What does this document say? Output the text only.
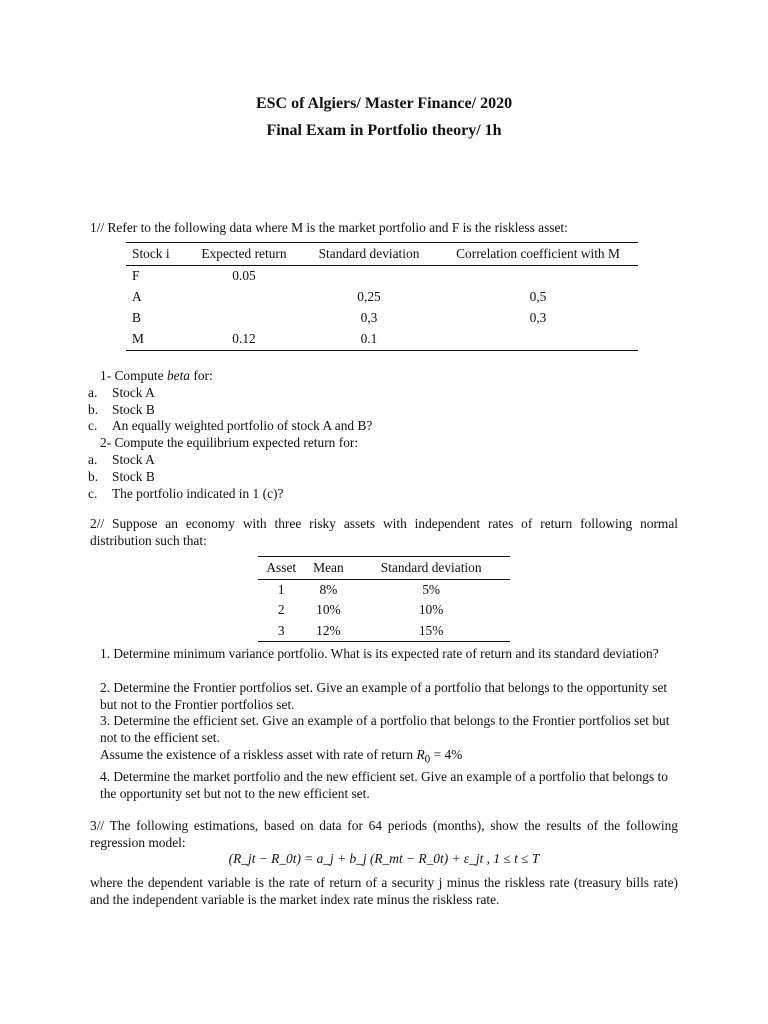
ESC of Algiers/ Master Finance/ 2020
Final Exam in Portfolio theory/ 1h
1// Refer to the following data where M is the market portfolio and F is the riskless asset:
Stock i	Expected return	Standard deviation	Correlation coefficient with M
F	0.05		
A		0,25	0,5
B		0,3	0,3
M	0.12	0.1	
1- Compute beta for:
a. Stock A
b. Stock B
c. An equally weighted portfolio of stock A and B?
2- Compute the equilibrium expected return for:
a. Stock A
b. Stock B
c. The portfolio indicated in 1 (c)?
2// Suppose an economy with three risky assets with independent rates of return following normal distribution such that:
Asset	Mean	Standard deviation
1	8%	5%
2	10%	10%
3	12%	15%
1. Determine minimum variance portfolio. What is its expected rate of return and its standard deviation?
2. Determine the Frontier portfolios set. Give an example of a portfolio that belongs to the opportunity set but not to the Frontier portfolios set.
3. Determine the efficient set. Give an example of a portfolio that belongs to the Frontier portfolios set but not to the efficient set.
Assume the existence of a riskless asset with rate of return $R_0 = 4\%$
4. Determine the market portfolio and the new efficient set. Give an example of a portfolio that belongs to the opportunity set but not to the new efficient set.
3// The following estimations, based on data for 64 periods (months), show the results of the following regression model:
(R_jt − R_0t) = a_j + b_j (R_mt − R_0t) + ε_jt , 1 ≤ t ≤ T
where the dependent variable is the rate of return of a security j minus the riskless rate (treasury bills rate) and the independent variable is the market index rate minus the riskless rate.
